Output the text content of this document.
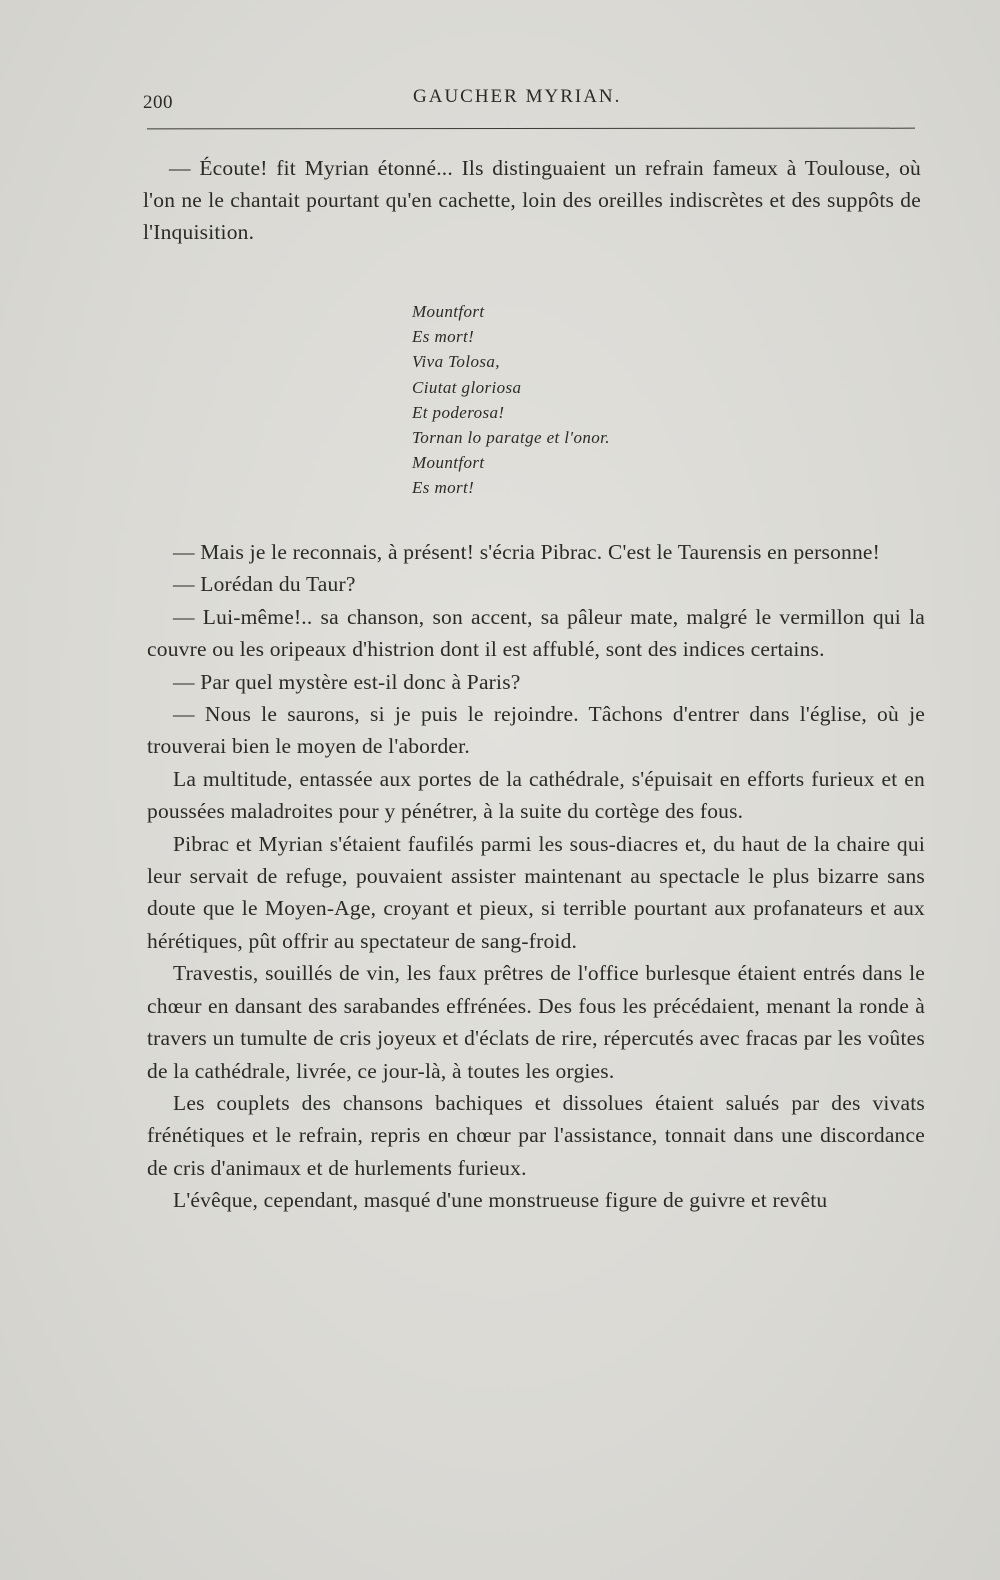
200	GAUCHER MYRIAN.

— Écoute! fit Myrian étonné... Ils distinguaient un refrain fameux à Toulouse, où l'on ne le chantait pourtant qu'en cachette, loin des oreilles indiscrètes et des suppôts de l'Inquisition.

Mountfort
Es mort!
Viva Tolosa,
Ciutat gloriosa
Et poderosa!
Tornan lo paratge et l'onor.
Mountfort
Es mort!

— Mais je le reconnais, à présent! s'écria Pibrac. C'est le Taurensis en personne!

— Lorédan du Taur?

— Lui-même!.. sa chanson, son accent, sa pâleur mate, malgré le vermillon qui la couvre ou les oripeaux d'histrion dont il est affublé, sont des indices certains.

— Par quel mystère est-il donc à Paris?

— Nous le saurons, si je puis le rejoindre. Tâchons d'entrer dans l'église, où je trouverai bien le moyen de l'aborder.

La multitude, entassée aux portes de la cathédrale, s'épuisait en efforts furieux et en poussées maladroites pour y pénétrer, à la suite du cortège des fous.

Pibrac et Myrian s'étaient faufilés parmi les sous-diacres et, du haut de la chaire qui leur servait de refuge, pouvaient assister maintenant au spectacle le plus bizarre sans doute que le Moyen-Age, croyant et pieux, si terrible pourtant aux profanateurs et aux hérétiques, pût offrir au spectateur de sang-froid.

Travestis, souillés de vin, les faux prêtres de l'office burlesque étaient entrés dans le chœur en dansant des sarabandes effrénées. Des fous les précédaient, menant la ronde à travers un tumulte de cris joyeux et d'éclats de rire, répercutés avec fracas par les voûtes de la cathédrale, livrée, ce jour-là, à toutes les orgies.

Les couplets des chansons bachiques et dissolues étaient salués par des vivats frénétiques et le refrain, repris en chœur par l'assistance, tonnait dans une discordance de cris d'animaux et de hurlements furieux.

L'évêque, cependant, masqué d'une monstrueuse figure de guivre et revêtu
